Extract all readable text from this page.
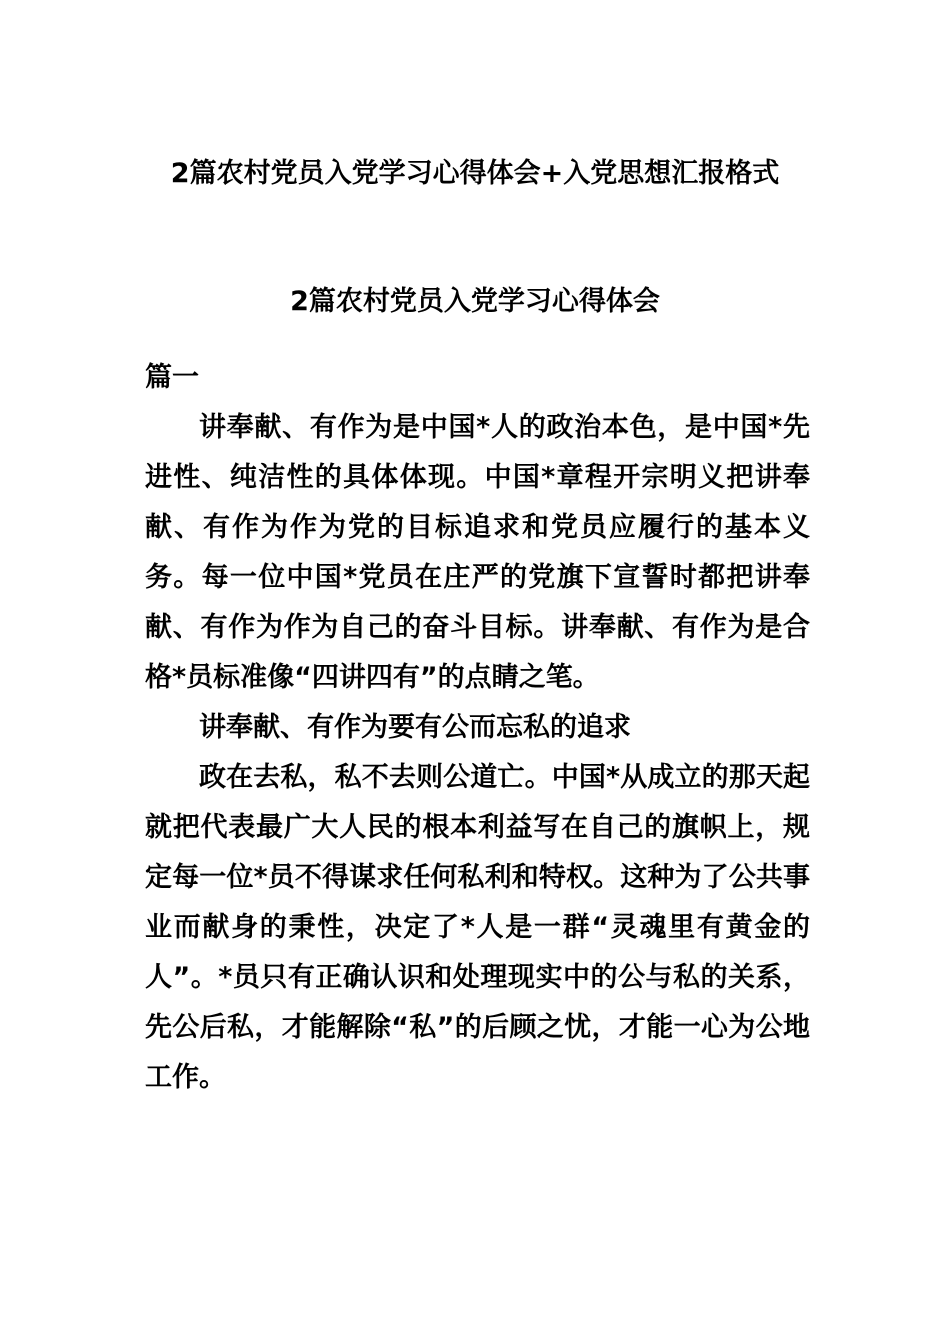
2篇农村党员入党学习心得体会+入党思想汇报格式
2篇农村党员入党学习心得体会

篇一

讲奉献、有作为是中国*人的政治本色，是中国*先进性、纯洁性的具体体现。中国*章程开宗明义把讲奉献、有作为作为党的目标追求和党员应履行的基本义务。每一位中国*党员在庄严的党旗下宣誓时都把讲奉献、有作为作为自己的奋斗目标。讲奉献、有作为是合格*员标准像“四讲四有”的点睛之笔。

讲奉献、有作为要有公而忘私的追求

政在去私，私不去则公道亡。中国*从成立的那天起就把代表最广大人民的根本利益写在自己的旗帜上，规定每一位*员不得谋求任何私利和特权。这种为了公共事业而献身的秉性，决定了*人是一群“灵魂里有黄金的人”。*员只有正确认识和处理现实中的公与私的关系，先公后私，才能解除“私”的后顾之忧，才能一心为公地工作。
